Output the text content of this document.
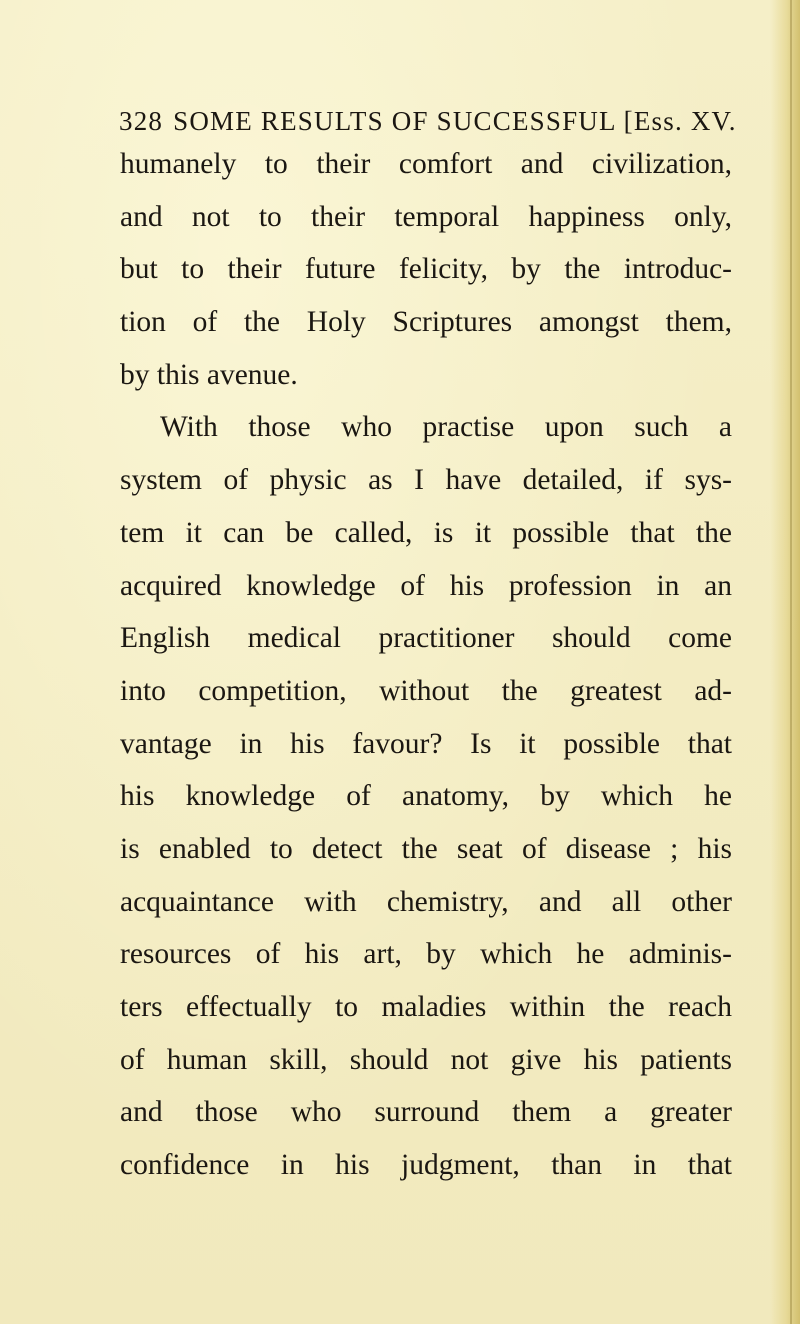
328 SOME RESULTS OF SUCCESSFUL [Ess. XV.
humanely to their comfort and civilization,
and not to their temporal happiness only,
but to their future felicity, by the introduc-
tion of the Holy Scriptures amongst them,
by this avenue.
With those who practise upon such a
system of physic as I have detailed, if sys-
tem it can be called, is it possible that the
acquired knowledge of his profession in an
English medical practitioner should come
into competition, without the greatest ad-
vantage in his favour? Is it possible that
his knowledge of anatomy, by which he
is enabled to detect the seat of disease ; his
acquaintance with chemistry, and all other
resources of his art, by which he adminis-
ters effectually to maladies within the reach
of human skill, should not give his patients
and those who surround them a greater
confidence in his judgment, than in that
